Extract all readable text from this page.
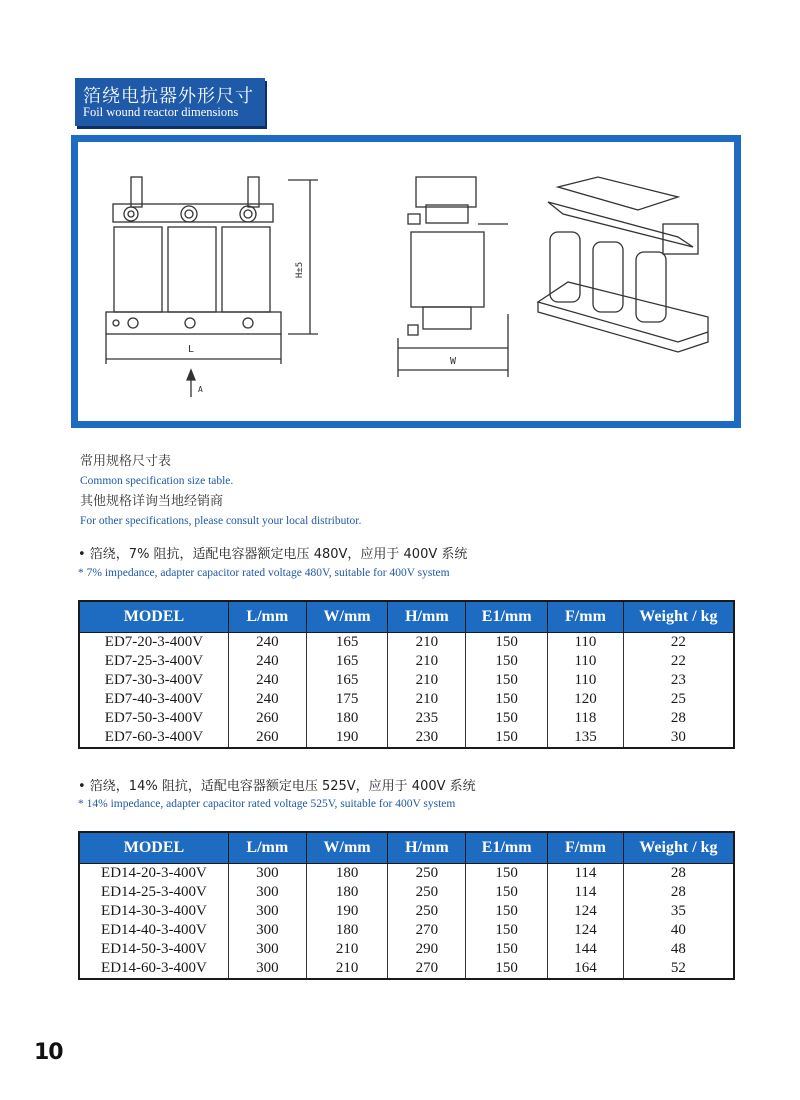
箔绕电抗器外形尺寸
Foil wound reactor dimensions
L
A
W
H±5
常用规格尺寸表
Common specification size table.
其他规格详询当地经销商
For other specifications, please consult your local distributor.
• 箔绕，7% 阻抗，适配电容器额定电压 480V，应用于 400V 系统
* 7% impedance, adapter capacitor rated voltage 480V, suitable for 400V system
MODEL	L/mm	W/mm	H/mm	E1/mm	F/mm	Weight / kg
ED7-20-3-400V	240	165	210	150	110	22
ED7-25-3-400V	240	165	210	150	110	22
ED7-30-3-400V	240	165	210	150	110	23
ED7-40-3-400V	240	175	210	150	120	25
ED7-50-3-400V	260	180	235	150	118	28
ED7-60-3-400V	260	190	230	150	135	30
• 箔绕，14% 阻抗，适配电容器额定电压 525V，应用于 400V 系统
* 14% impedance, adapter capacitor rated voltage 525V, suitable for 400V system
MODEL	L/mm	W/mm	H/mm	E1/mm	F/mm	Weight / kg
ED14-20-3-400V	300	180	250	150	114	28
ED14-25-3-400V	300	180	250	150	114	28
ED14-30-3-400V	300	190	250	150	124	35
ED14-40-3-400V	300	180	270	150	124	40
ED14-50-3-400V	300	210	290	150	144	48
ED14-60-3-400V	300	210	270	150	164	52
10
